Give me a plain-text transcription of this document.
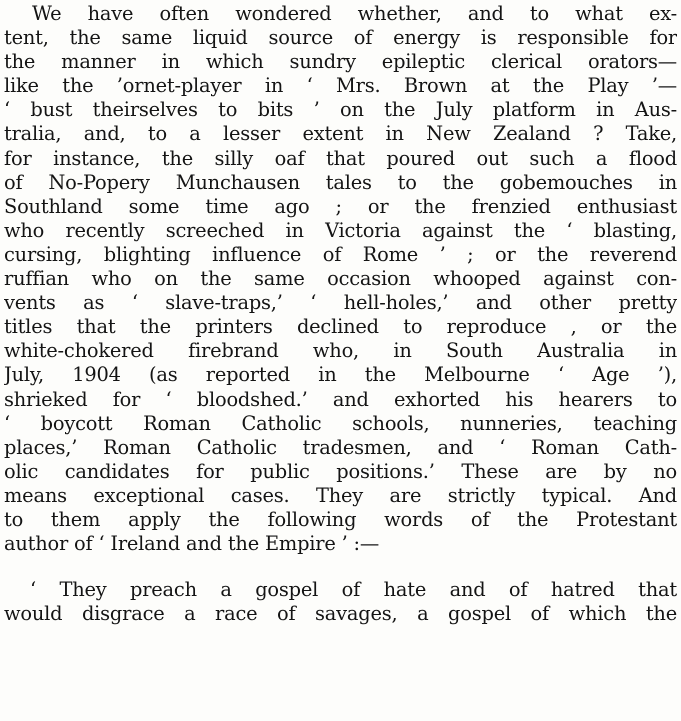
We have often wondered whether, and to what ex-
tent, the same liquid source of energy is responsible for
the manner in which sundry epileptic clerical orators—
like the ’ornet-player in ‘ Mrs. Brown at the Play ’—
‘ bust theirselves to bits ’ on the July platform in Aus-
tralia, and, to a lesser extent in New Zealand ? Take,
for instance, the silly oaf that poured out such a flood
of No-Popery Munchausen tales to the gobemouches in
Southland some time ago ; or the frenzied enthusiast
who recently screeched in Victoria against the ‘ blasting,
cursing, blighting influence of Rome ’ ; or the reverend
ruffian who on the same occasion whooped against con-
vents as ‘ slave-traps,’ ‘ hell-holes,’ and other pretty
titles that the printers declined to reproduce , or the
white-chokered firebrand who, in South Australia in
July, 1904 (as reported in the Melbourne ‘ Age ’),
shrieked for ‘ bloodshed.’ and exhorted his hearers to
‘ boycott Roman Catholic schools, nunneries, teaching
places,’ Roman Catholic tradesmen, and ‘ Roman Cath-
olic candidates for public positions.’ These are by no
means exceptional cases. They are strictly typical. And
to them apply the following words of the Protestant
author of ‘ Ireland and the Empire ’ :—
‘ They preach a gospel of hate and of hatred that
would disgrace a race of savages, a gospel of which the
